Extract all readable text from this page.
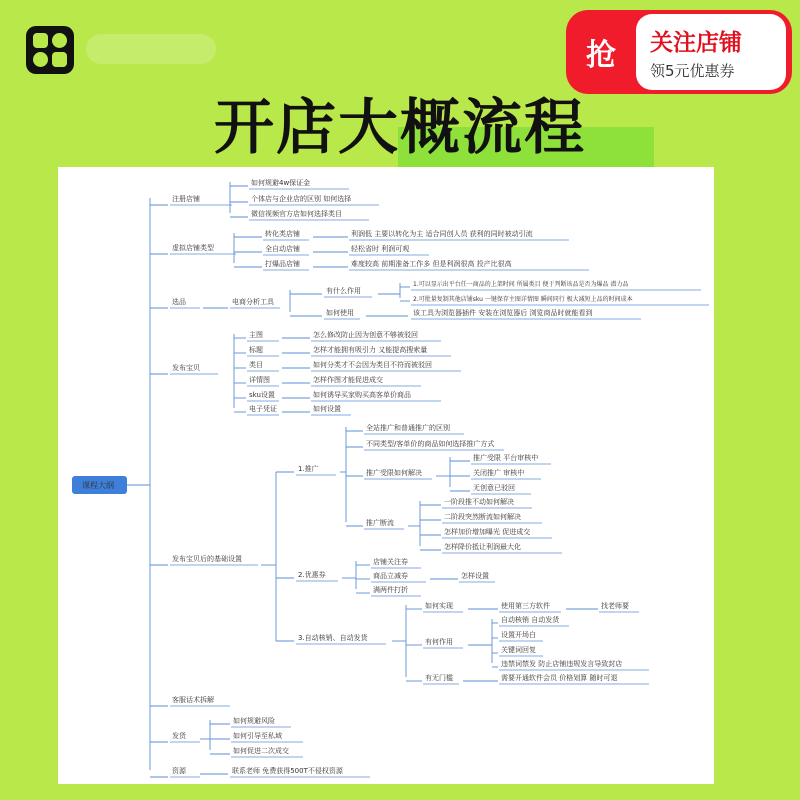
抢	关注店铺
领5元优惠券
开店大概流程
课程大纲
注册店铺
虚拟店铺类型
选品
发布宝贝
发布宝贝后的基础设置
客服话术拆解
发货
资源
如何规避4w保证金
个体店与企业店的区别 如何选择
微信视频官方店如何选择类目
转化类店铺	利润低 主要以转化为主 适合同创人员 获利的同时被动引流
全自动店铺	轻松省时 利润可观
打爆品店铺	难度较高 前期准备工作多 但是利润很高 投产比很高
电商分析工具
有什么作用
如何使用
1.可以显示出平台任一商品的上架时间 所属类目 便于判断该品是否为爆品 潜力品
2.可批量复制其他店铺sku 一键保存主图详情图 瞬间同行 极大减短上品的时间成本
该工具为浏览器插件 安装在浏览器后 浏览商品时就能看到
主图	怎么修改防止因为创意不够被驳回
标题	怎样才能拥有吸引力 又能提高搜索量
类目	如何分类才不会因为类目不符而被驳回
详情图	怎样作图才能促进成交
sku设置	如何诱导买家购买高客单价商品
电子凭证	如何设置
1.推广
2.优惠券
3.自动核销、自动发货
全站推广和普通推广的区别
不同类型/客单价的商品如何选择推广方式
推广受限如何解决
推广断流
推广受限 平台审核中
关闭推广 审核中
无创意已驳回
一阶段推不动如何解决
二阶段突然断流如何解决
怎样加价增加曝光 促进成交
怎样降价抵让利润最大化
店铺关注券
商品立减券
满两件打折
怎样设置
如何实现
有何作用
有无门槛
使用第三方软件	找老师要
自动核销 自动发货
设置开场白
关键词回复
违禁词禁发 防止店铺违规发言导致封店
需要开通软件会员 价格划算 随时可退
如何规避风险
如何引导至私域
如何促进二次成交
联系老师 免费获得500T不侵权资源
